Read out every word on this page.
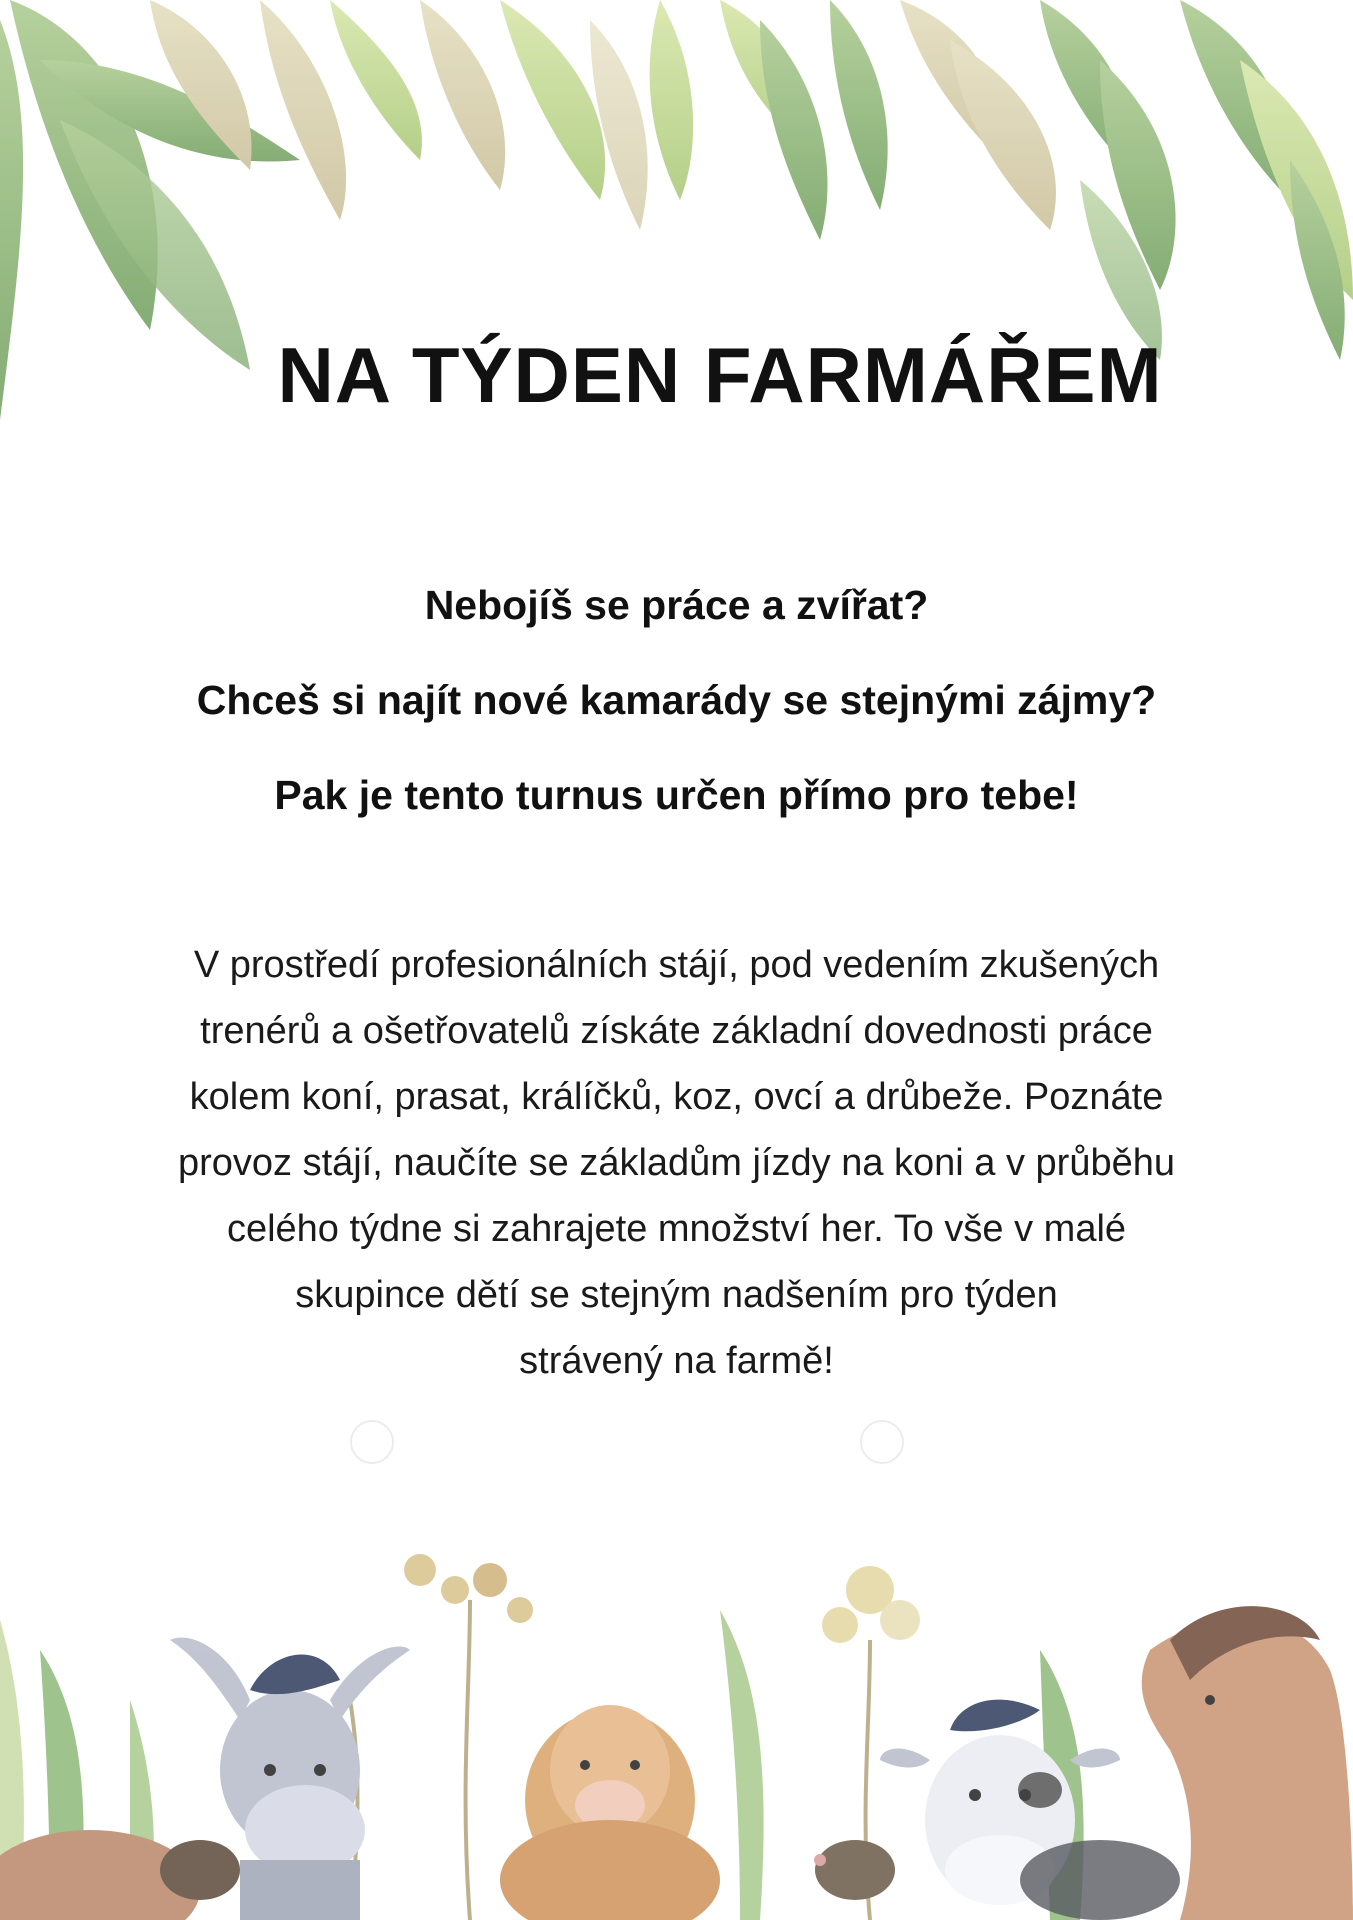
NA TÝDEN FARMÁŘEM
Nebojíš se práce a zvířat?
Chceš si najít nové kamarády se stejnými zájmy?
Pak je tento turnus určen přímo pro tebe!
V prostředí profesionálních stájí, pod vedením zkušených
trenérů a ošetřovatelů získáte základní dovednosti práce
kolem koní, prasat, králíčků, koz, ovcí a drůbeže. Poznáte
provoz stájí, naučíte se základům jízdy na koni a v průběhu
celého týdne si zahrajete množství her. To vše v malé
skupince dětí se stejným nadšením pro týden
strávený na farmě!
